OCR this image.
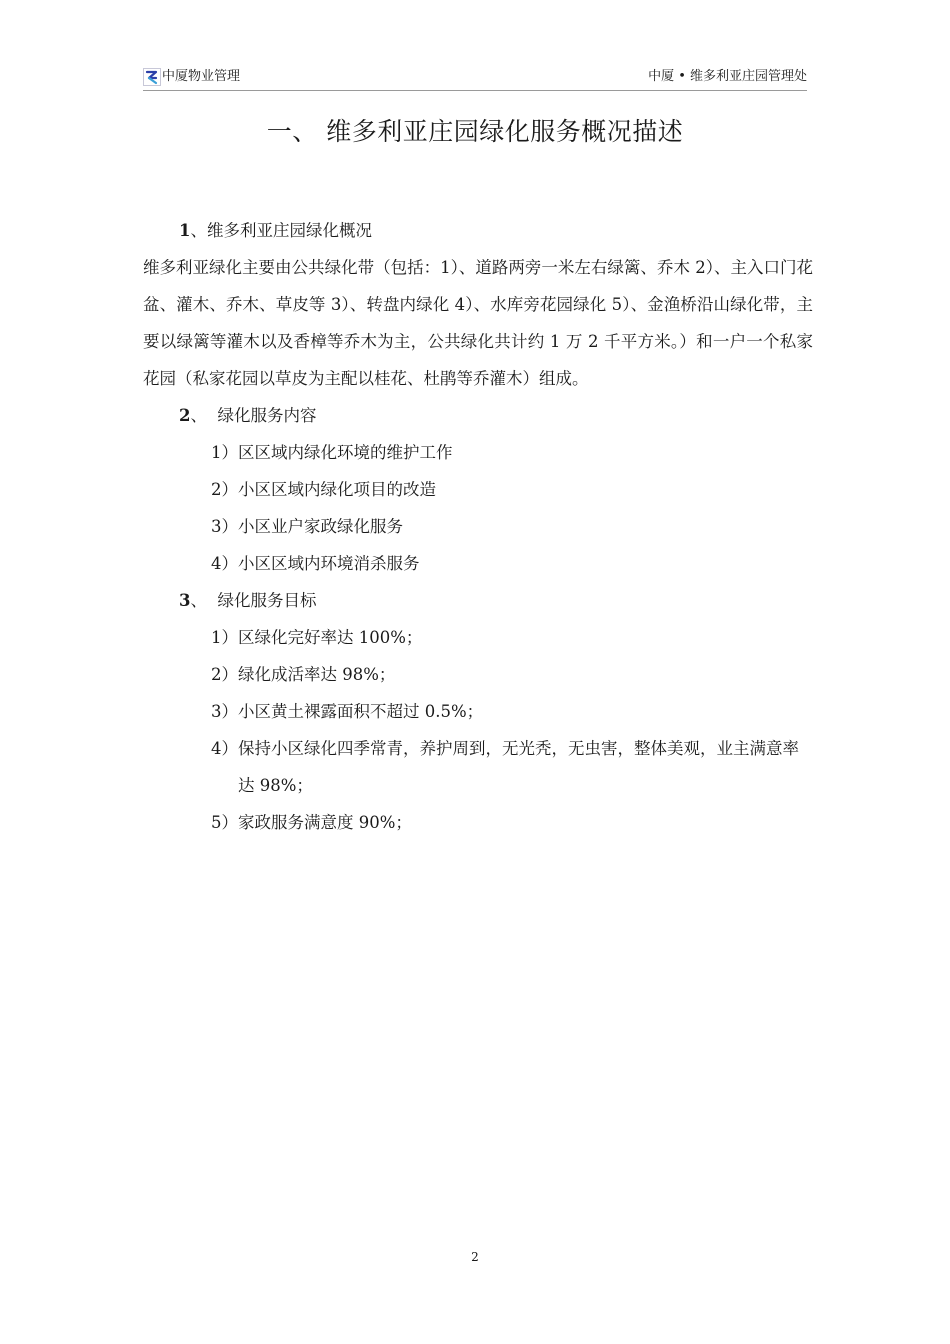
中厦物业管理	中厦 • 维多利亚庄园管理处
一、 维多利亚庄园绿化服务概况描述
1、维多利亚庄园绿化概况

维多利亚绿化主要由公共绿化带（包括：1）、道路两旁一米左右绿篱、乔木 2）、主入口门花盆、灌木、乔木、草皮等 3）、转盘内绿化 4）、水库旁花园绿化 5）、金渔桥沿山绿化带，主要以绿篱等灌木以及香樟等乔木为主，公共绿化共计约 1 万 2 千平方米。）和一户一个私家花园（私家花园以草皮为主配以桂花、杜鹃等乔灌木）组成。

2、 绿化服务内容
1）区区域内绿化环境的维护工作
2）小区区域内绿化项目的改造
3）小区业户家政绿化服务
4）小区区域内环境消杀服务
3、 绿化服务目标
1） 区绿化完好率达 100%；
2） 绿化成活率达 98%；
3） 小区黄土裸露面积不超过 0.5%；
4） 保持小区绿化四季常青，养护周到，无光秃，无虫害，整体美观，业主满意率达 98%；
5） 家政服务满意度 90%；
2
